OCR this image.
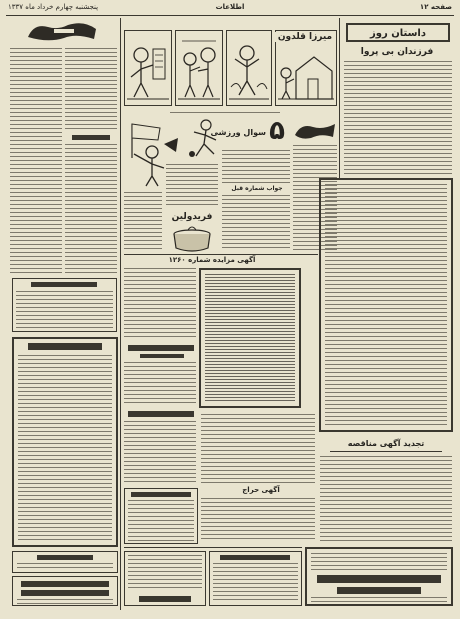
پنجشنبه چهارم خرداد ماه ۱۳۳۷	اطلاعات	صفحه ۱۲
میرزا قلدون	داستان روز
فرزندان بی پروا
۵
سوال ورزشی
جواب شماره قبل
فریدولین
آگهی مزایده شماره ۱۲۶۰
آگهی حراج
تجدید آگهی مناقصه
